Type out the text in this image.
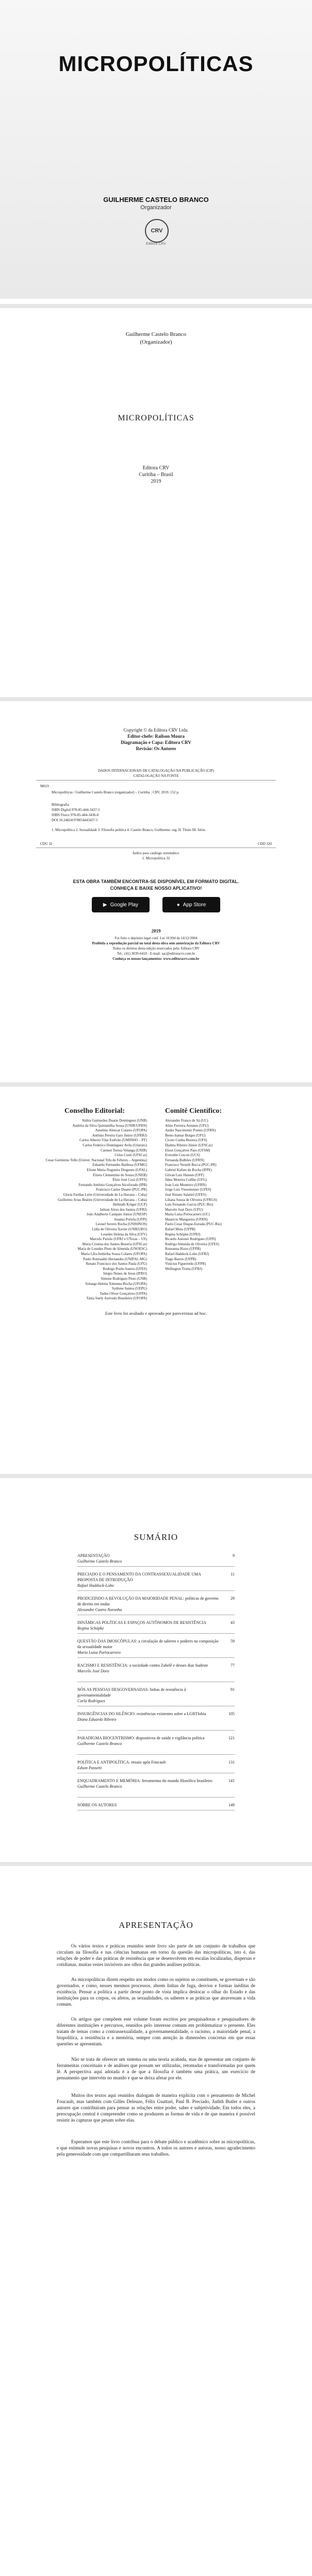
MICROPOLÍTICAS
GUILHERME CASTELO BRANCO
Organizador
CRV
Editora CRV
Guilherme Castelo Branco
(Organizador)
MICROPOLÍTICAS
Editora CRV
Curitiba – Brasil
2019
Copyright © da Editora CRV Ltda.
Editor-chefe: Railson Moura
Diagramação e Capa: Editora CRV
Revisão: Os Autores
DADOS INTERNACIONAIS DE CATALOGAÇÃO NA PUBLICAÇÃO (CIP)
CATALOGAÇÃO NA FONTE
M619
Micropolíticas / Guilherme Castelo Branco (organizador) – Curitiba : CRV, 2019. 152 p.
Bibliografia
ISBN Digital 978-85-444-3437-5
ISBN Físico 978-85-444-3436-8
DOI 10.24824/978854443437.5
1. Micropolítica 2. Sexualidade 3. Filosofia política 4. Castelo Branco, Guilherme. org. II. Título III. Série.
CDU 32	CDD 320
Índice para catálogo sistemático
1. Micropolítica 32
ESTA OBRA TAMBÉM ENCONTRA-SE DISPONÍVEL EM FORMATO DIGITAL.
CONHEÇA E BAIXE NOSSO APLICATIVO!
▶ Google Play	● App Store
2019
Foi feito o depósito legal conf. Lei 10.994 de 14/12/2004
Proibida a reprodução parcial ou total desta obra sem autorização da Editora CRV
Todos os direitos desta edição reservados pela: Editora CRV
Tel.: (41) 3039-6418 - E-mail: sac@editoracrv.com.br
Conheça os nossos lançamentos: www.editoracrv.com.br
Conselho Editorial:	Comitê Científico:
Aldira Guimarães Duarte Domínguez (UNB)
Andréia da Silva Quintanilha Sousa (UNIR/UFRN)
Anselmo Alencar Colares (UFOPA)
Antônio Pereira Gaio Júnior (UFRRJ)
Carlos Alberto Vilar Estêvão (UMINHO – PT)
Carlos Federico Dominguez Avila (Unieuro)
Carmen Tereza Velanga (UNIR)
Celso Conti (UFSCar)
Cesar Gerónimo Tello (Univer. Nacional Três de Febrero – Argentina)
Eduardo Fernandes Barbosa (UFMG)
Elione Maria Nogueira Diogenes (UFAL)
Elizeu Clementino de Souza (UNEB)
Élsio José Corá (UFFS)
Fernando Antônio Gonçalves Alcoforado (IPB)
Francisco Carlos Duarte (PUC-PR)
Gloria Fariñas León (Universidade de La Havana – Cuba)
Guillermo Arias Beatón (Universidade de La Havana – Cuba)
Helmuth Krüger (UCP)
Jailson Alves dos Santos (UFRJ)
João Adalberto Campato Junior (UNESP)
Josania Portela (UFPI)
Leonel Severo Rocha (UNISINOS)
Lídia de Oliveira Xavier (UNIEURO)
Lourdes Helena da Silva (UFV)
Marcelo Paixão (UFRJ e UTexas – US)
Maria Cristina dos Santos Bezerra (UFSCar)
Maria de Lourdes Pinto de Almeida (UNOESC)
Maria Lília Imbiriba Sousa Colares (UFOPA)
Paulo Romualdo Hernandes (UNIFAL-MG)
Renato Francisco dos Santos Paula (UFG)
Rodrigo Pratte-Santos (UFES)
Sérgio Nunes de Jesus (IFRO)
Simone Rodrigues Pinto (UNB)
Solange Helena Ximenes-Rocha (UFOPA)
Sydione Santos (UEPG)
Tadeu Oliver Gonçalves (UFPA)
Tania Suely Azevedo Brasileiro (UFOPA)
Alexandre Franco de Sá (UC)
Aline Ferreira Antunes (UFU)
Andre Nascimento Pontes (UFRN)
Bento Itamar Borges (UFU)
Cícero Cunha Bezerra (UFS)
Djalma Ribeiro Júnior (UFSCar)
Elson Gonçalves Paes (UFSM)
Everaldo Cescon (UCS)
Fernanda Bulhões (UFRN)
Francisco Verardi Bocca (PUC-PR)
Gabriel Kafure da Rocha (IFPE)
Gilvan Luiz Hansen (UFF)
Ildeu Moreira Coêlho (UFG)
Ivan Luiz Monteiro (UFRN)
Jorge Luis Viesenteiner (UFES)
José Renato Salatiel (UFES)
Liliana Souza de Oliveira (UFRGS)
Luís Fernando Garcia (PUC-Rio)
Marcelo José Doro (UFU)
Maria Luisa Portocarrero (UC)
Mauricio Mangueira (UFRN)
Paulo Cesar Duque-Estrada (PUC-Rio)
Rafael Mota (UFPB)
Regina Schöpke (UFRJ)
Ricardo Antonio Rodrigues (UFPI)
Rodrigo Almeida de Oliveira (UFES)
Roseanna Rizzo (UFPB)
Rafael Haddock-Lobo (UFRJ)
Tiago Barros (UFPB)
Vinícius Figueiredo (UFPR)
Wellington Trotta (UFRJ)
Este livro foi avaliado e aprovado por pareceristas ad hoc.
SUMÁRIO
APRESENTAÇÃO
Guilherme Castelo Branco
9
PRECIADO E O PENSAMENTO DA CONTRASSEXUALIDADE UMA PROPOSTA DE INTRODUÇÃO
Rafael Haddock-Lobo
11
PRODUZINDO A REVOLUÇÃO DA MAIORIDADE PENAL: políticas de governo de direito em ondas
Alexandre Castro Noronha
29
DINÂMICAS POLÍTICAS E ESPAÇOS AUTÔNOMOS DE RESISTÊNCIA
Regina Schöpke
43
QUESTÃO DAS IMOSCÓPULAS: a circulação de saberes e poderes na composição da sexualidade maior
Maria Luisa Portocarrero
59
RACISMO E RESISTÊNCIA: a sociedade contra Zabelê e desses dias Sudeste
Marcelo José Doro
77
NÓS AS PESSOAS DESGOVERNADAS: linhas de resistência à governamentalidade
Carla Rodrigues
91
INSURGÊNCIAS DO SILÊNCIO: resistências existentes sobre a LGBTfobia
Diana Eduardo Ribeiro
105
PARADIGMA BIOCENTRISMO: dispositivos de saúde e vigilância política
Guilherme Castelo Branco
121
POLÍTICA E ANTIPOLÍTICA: ensaio após Foucault
Edson Passetti
131
ENQUADRAMENTO E MEMÓRIA: ferramentas do mundo filosófico brasileiro
Guilherme Castelo Branco
141
SOBRE OS AUTORES	149
APRESENTAÇÃO

Os vários textos e práticas reunidos neste livro são parte de um conjunto de trabalhos que circulam na filosofia e nas ciências humanas em torno da questão das micropolíticas, isto é, das relações de poder e das práticas de resistência que se desenvolvem em escalas localizadas, dispersas e cotidianas, muitas vezes invisíveis aos olhos das grandes análises políticas.

As micropolíticas dizem respeito aos modos como os sujeitos se constituem, se governam e são governados, e como, nesses mesmos processos, abrem linhas de fuga, desvios e formas inéditas de existência. Pensar a política a partir desse ponto de vista implica deslocar o olhar do Estado e das instituições para os corpos, os afetos, as sexualidades, os saberes e as práticas que atravessam a vida comum.

Os artigos que compõem este volume foram escritos por pesquisadoras e pesquisadores de diferentes instituições e percursos, reunidos pelo interesse comum em problematizar o presente. Eles tratam de temas como a contrassexualidade, a governamentalidade, o racismo, a maioridade penal, a biopolítica, a resistência e a memória, sempre com atenção às dimensões concretas em que essas questões se apresentam.

Não se trata de oferecer um sistema ou uma teoria acabada, mas de apresentar um conjunto de ferramentas conceituais e de análises que possam ser utilizadas, retomadas e transformadas por quem lê. A perspectiva aqui adotada é a de que a filosofia é também uma prática, um exercício de pensamento que intervém no mundo e que se deixa afetar por ele.

Muitos dos textos aqui reunidos dialogam de maneira explícita com o pensamento de Michel Foucault, mas também com Gilles Deleuze, Félix Guattari, Paul B. Preciado, Judith Butler e outros autores que contribuíram para pensar as relações entre poder, saber e subjetividade. Em todos eles, a preocupação central é compreender como se produzem as formas de vida e de que maneira é possível resistir às capturas que pesam sobre elas.

Esperamos que este livro contribua para o debate público e acadêmico sobre as micropolíticas, e que estimule novas pesquisas e novos encontros. A todos os autores e autoras, nosso agradecimento pela generosidade com que compartilharam seus trabalhos.
